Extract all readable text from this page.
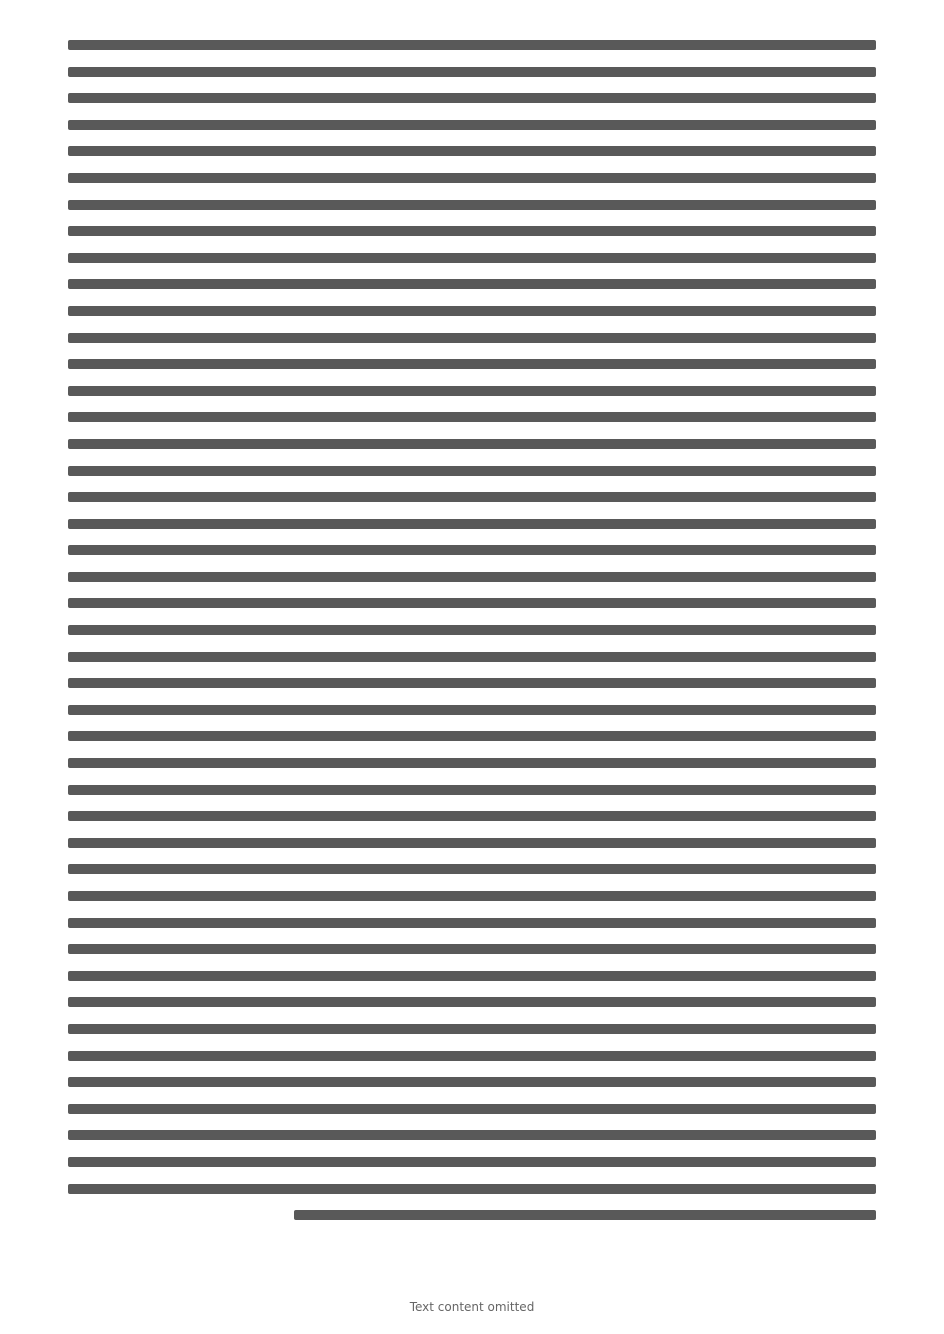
Text content omitted
